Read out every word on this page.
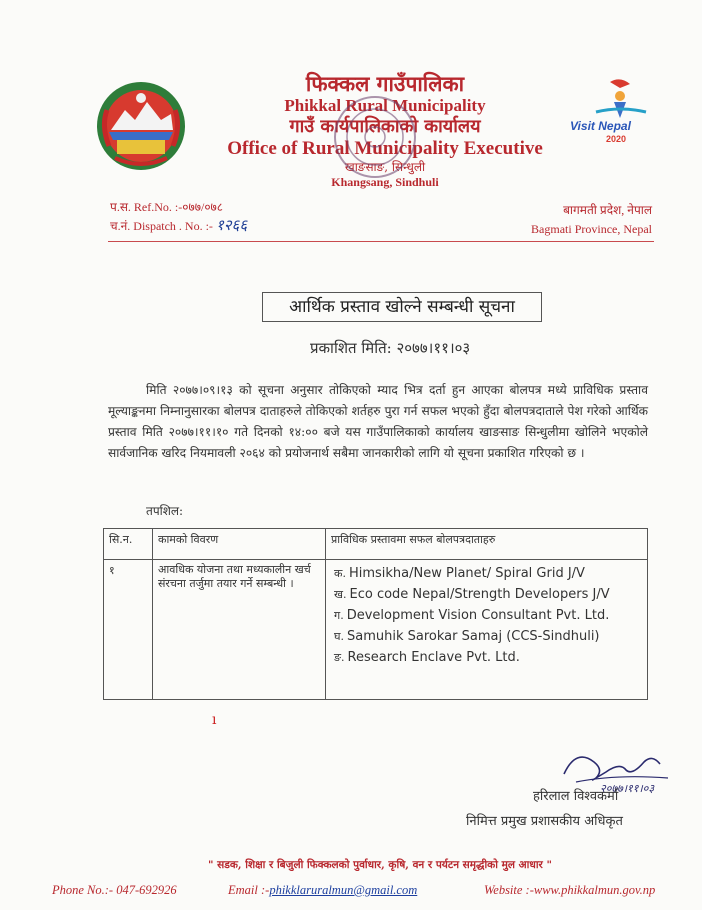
फिक्कल गाउँपालिका
Phikkal Rural Municipality
गाउँ कार्यपालिकाको कार्यालय
Office of Rural Municipality Executive
खाङसाङ, सिन्धुली
Khangsang, Sindhuli
Visit Nepal
2020
प.स. Ref.No. :-०७७/०७८
च.नं. Dispatch . No. :- १२६६
बागमती प्रदेश, नेपाल
Bagmati Province, Nepal
आर्थिक प्रस्ताव खोल्ने सम्बन्धी सूचना
प्रकाशित मिति: २०७७।११।०३
मिति २०७७।०९।१३ को सूचना अनुसार तोकिएको म्याद भित्र दर्ता हुन आएका बोलपत्र मध्ये प्राविधिक प्रस्ताव मूल्याङ्कनमा निम्नानुसारका बोलपत्र दाताहरुले तोकिएको शर्तहरु पुरा गर्न सफल भएको हुँदा बोलपत्रदाताले पेश गरेको आर्थिक प्रस्ताव मिति २०७७।११।१० गते दिनको १४:०० बजे यस गाउँपालिकाको कार्यालय खाङसाङ सिन्धुलीमा खोलिने भएकोले सार्वजानिक खरिद नियमावली २०६४ को प्रयोजनार्थ सबैमा जानकारीको लागि यो सूचना प्रकाशित गरिएको छ ।
तपशिल:
सि.न.	कामको विवरण	प्राविधिक प्रस्तावमा सफल बोलपत्रदाताहरु
१	आवधिक योजना तथा मध्यकालीन खर्च संरचना तर्जुमा तयार गर्ने सम्बन्धी ।	क. Himsikha/New Planet/ Spiral Grid J/V
ख. Eco code Nepal/Strength Developers J/V
ग. Development Vision Consultant Pvt. Ltd.
घ. Samuhik Sarokar Samaj (CCS-Sindhuli)
ङ. Research Enclave Pvt. Ltd.
ı
२०७७।११।०३
हरिलाल विश्वकर्मा
निमित्त प्रमुख प्रशासकीय अधिकृत
" सडक, शिक्षा र बिजुली फिक्कलको पुर्वाधार, कृषि, वन र पर्यटन समृद्धीको मुल आधार "
Phone No.:- 047-692926	Email :-phikklaruralmun@gmail.com	Website :-www.phikkalmun.gov.np
